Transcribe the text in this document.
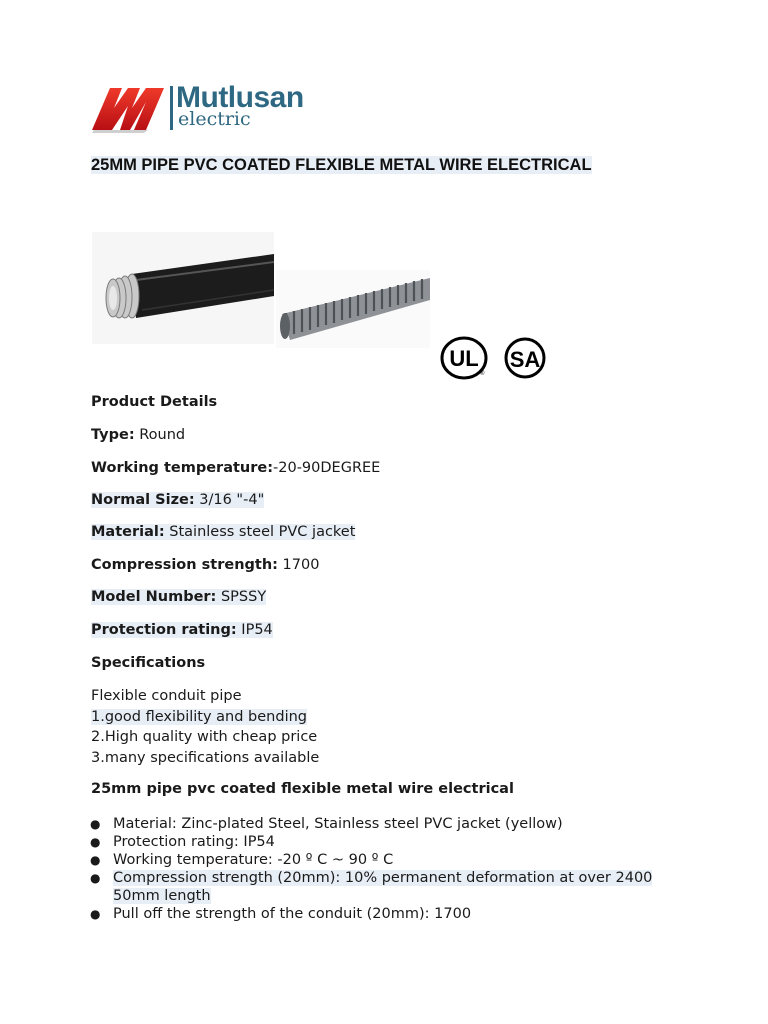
Mutlusan

electric

25MM PIPE PVC COATED FLEXIBLE METAL WIRE ELECTRICAL
UL
®
SA

Product Details

Type: Round

Working temperature:-20-90DEGREE

Normal Size: 3/16 "-4"

Material: Stainless steel PVC jacket

Compression strength: 1700

Model Number: SPSSY

Protection rating: IP54

Specifications

Flexible conduit pipe
1.good flexibility and bending
2.High quality with cheap price
3.many specifications available

25mm pipe pvc coated flexible metal wire electrical

● Material: Zinc-plated Steel, Stainless steel PVC jacket (yellow)
● Protection rating: IP54
● Working temperature: -20 º C ~ 90 º C
● Compression strength (20mm): 10% permanent deformation at over 2400 50mm length
● Pull off the strength of the conduit (20mm): 1700
